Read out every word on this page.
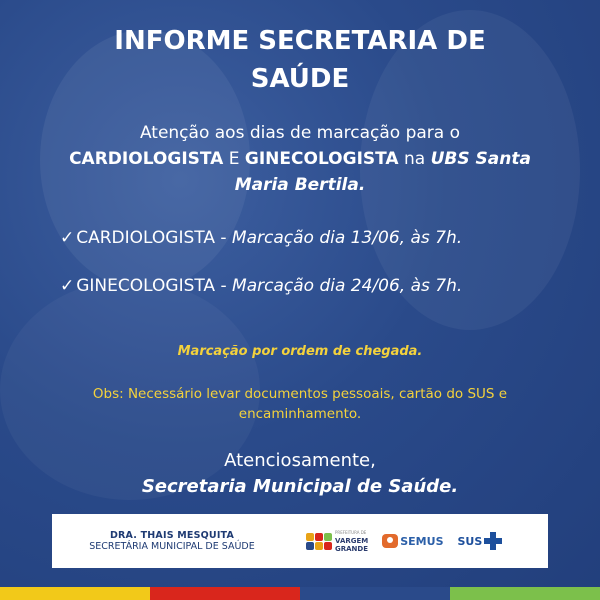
INFORME SECRETARIA DE
SAÚDE
Atenção aos dias de marcação para o
CARDIOLOGISTA E GINECOLOGISTA na UBS Santa Maria Bertila.
✓ CARDIOLOGISTA - Marcação dia 13/06, às 7h.
✓ GINECOLOGISTA - Marcação dia 24/06, às 7h.
Marcação por ordem de chegada.
Obs: Necessário levar documentos pessoais, cartão do SUS e encaminhamento.
Atenciosamente,
Secretaria Municipal de Saúde.
DRA. THAIS MESQUITA
SECRETÁRIA MUNICIPAL DE SAÚDE
PREFEITURA DE
VARGEM
GRANDE
SEMUS SUS
